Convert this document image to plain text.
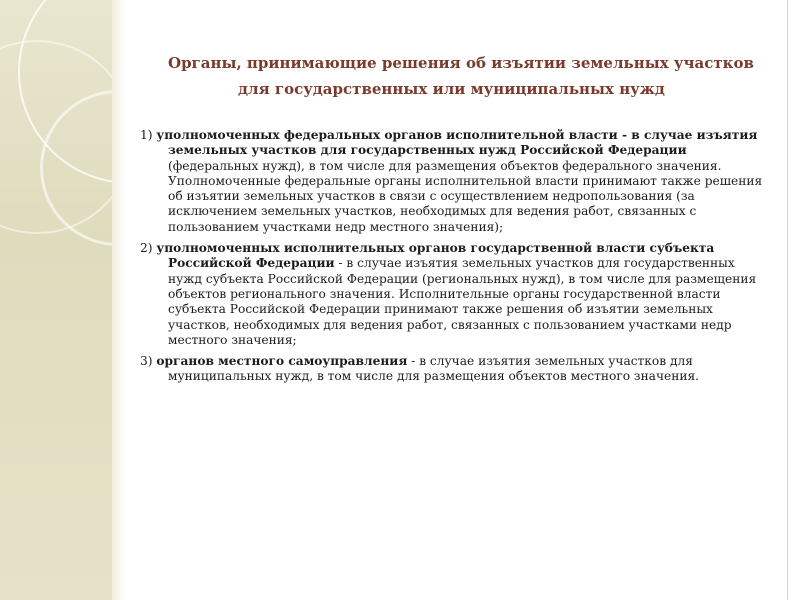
Органы, принимающие решения об изъятии земельных участков
для государственных или муниципальных нужд

1) уполномоченных федеральных органов исполнительной власти - в случае изъятия земельных участков для государственных нужд Российской Федерации (федеральных нужд), в том числе для размещения объектов федерального значения. Уполномоченные федеральные органы исполнительной власти принимают также решения об изъятии земельных участков в связи с осуществлением недропользования (за исключением земельных участков, необходимых для ведения работ, связанных с пользованием участками недр местного значения);

2) уполномоченных исполнительных органов государственной власти субъекта Российской Федерации - в случае изъятия земельных участков для государственных нужд субъекта Российской Федерации (региональных нужд), в том числе для размещения объектов регионального значения. Исполнительные органы государственной власти субъекта Российской Федерации принимают также решения об изъятии земельных участков, необходимых для ведения работ, связанных с пользованием участками недр местного значения;

3) органов местного самоуправления - в случае изъятия земельных участков для муниципальных нужд, в том числе для размещения объектов местного значения.
